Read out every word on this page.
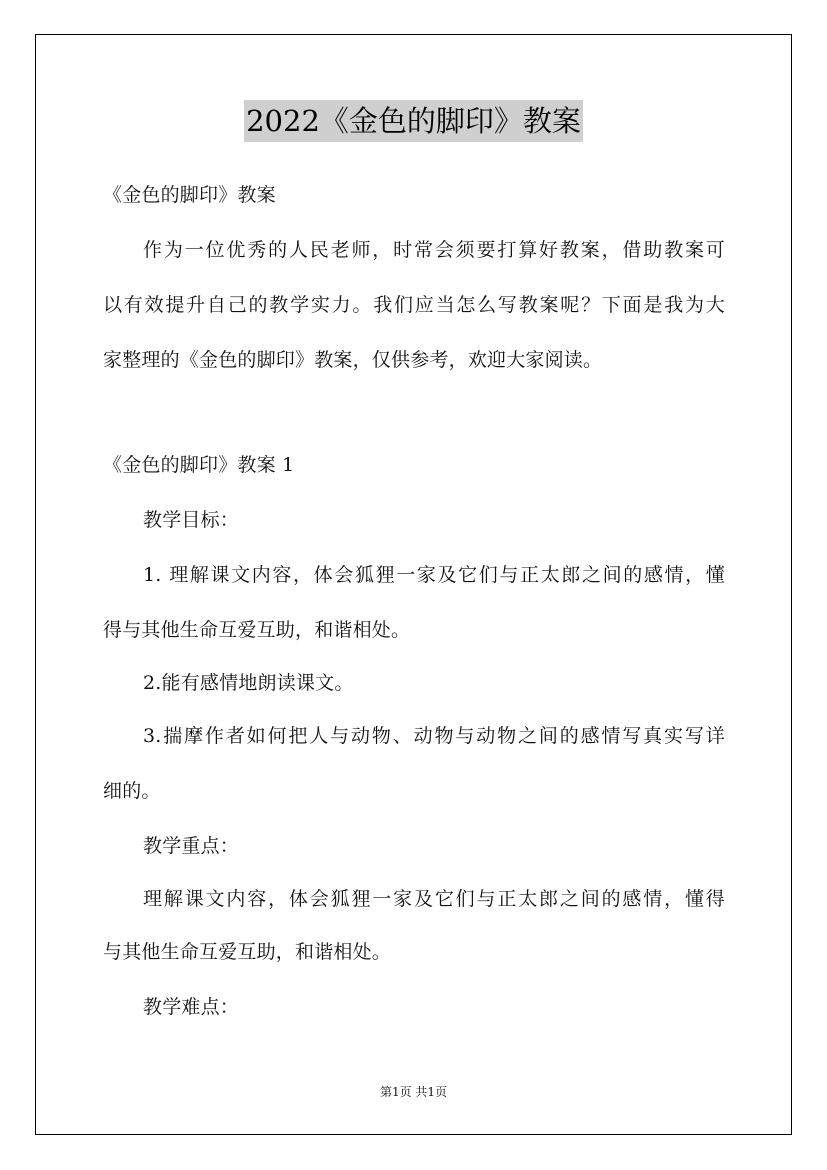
2022《金色的脚印》教案
《金色的脚印》教案
作为一位优秀的人民老师，时常会须要打算好教案，借助教案可
以有效提升自己的教学实力。我们应当怎么写教案呢？下面是我为大
家整理的《金色的脚印》教案，仅供参考，欢迎大家阅读。
《金色的脚印》教案 1
教学目标：
1. 理解课文内容，体会狐狸一家及它们与正太郎之间的感情，懂
得与其他生命互爱互助，和谐相处。
2.能有感情地朗读课文。
3.揣摩作者如何把人与动物、动物与动物之间的感情写真实写详
细的。
教学重点：
理解课文内容，体会狐狸一家及它们与正太郎之间的感情，懂得
与其他生命互爱互助，和谐相处。
教学难点：
第1页 共1页
